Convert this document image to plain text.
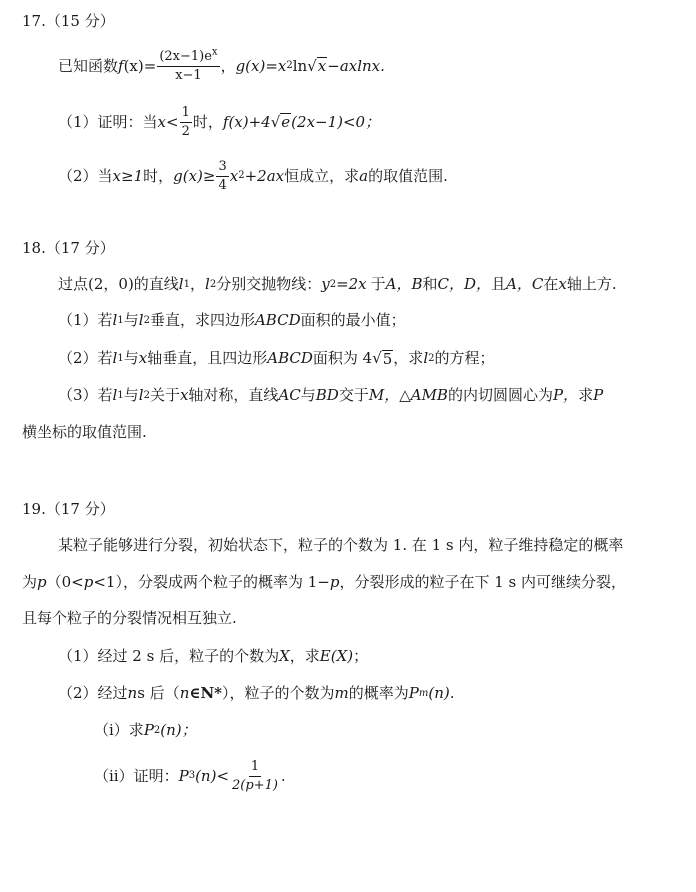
17.（15 分）
已知函数 f $(x)= \frac{(2x-1)e^x}{x-1}$ ， g(x)=x 2 ln √ x −axlnx.
（1）证明：当 $x < \frac{1}{2}$ 时， f(x)+4 √ e (2x−1)<0；
（2）当 x≥1 时， $g(x)\ge \frac{3}{4}$ x 2 +2ax 恒成立，求 a 的取值范围.
18.（17 分）
过点(2，0)的直线 l 1 ， l 2 分别交抛物线： y 2 =2x 于 A，B 和 C，D， 且 A，C 在 x 轴上方.
（1）若 l 1 与 l 2 垂直，求四边形 ABCD 面积的最小值；
（2）若 l 1 与 x 轴垂直，且四边形 ABCD 面积为 4 √ 5 ，求 l 2 的方程；
（3）若 l 1 与 l 2 关于 x 轴对称，直线 AC 与 BD 交于 M， △AMB 的内切圆圆心为 P， 求 P
横坐标的取值范围.
19.（17 分）
某粒子能够进行分裂，初始状态下，粒子的个数为 1. 在 1 s 内，粒子维持稳定的概率
为 p （0< p <1），分裂成两个粒子的概率为 1− p ，分裂形成的粒子在下 1 s 内可继续分裂，
且每个粒子的分裂情况相互独立.
（1）经过 2 s 后，粒子的个数为 X ，求 E(X) ；
（2）经过 n s 后（ n ∈N* ），粒子的个数为 m 的概率为 P m (n).
（i）求 P 2 (n)；
（ii）证明： P 3 $(n)< \frac{1}{2(p+1)}$ .
